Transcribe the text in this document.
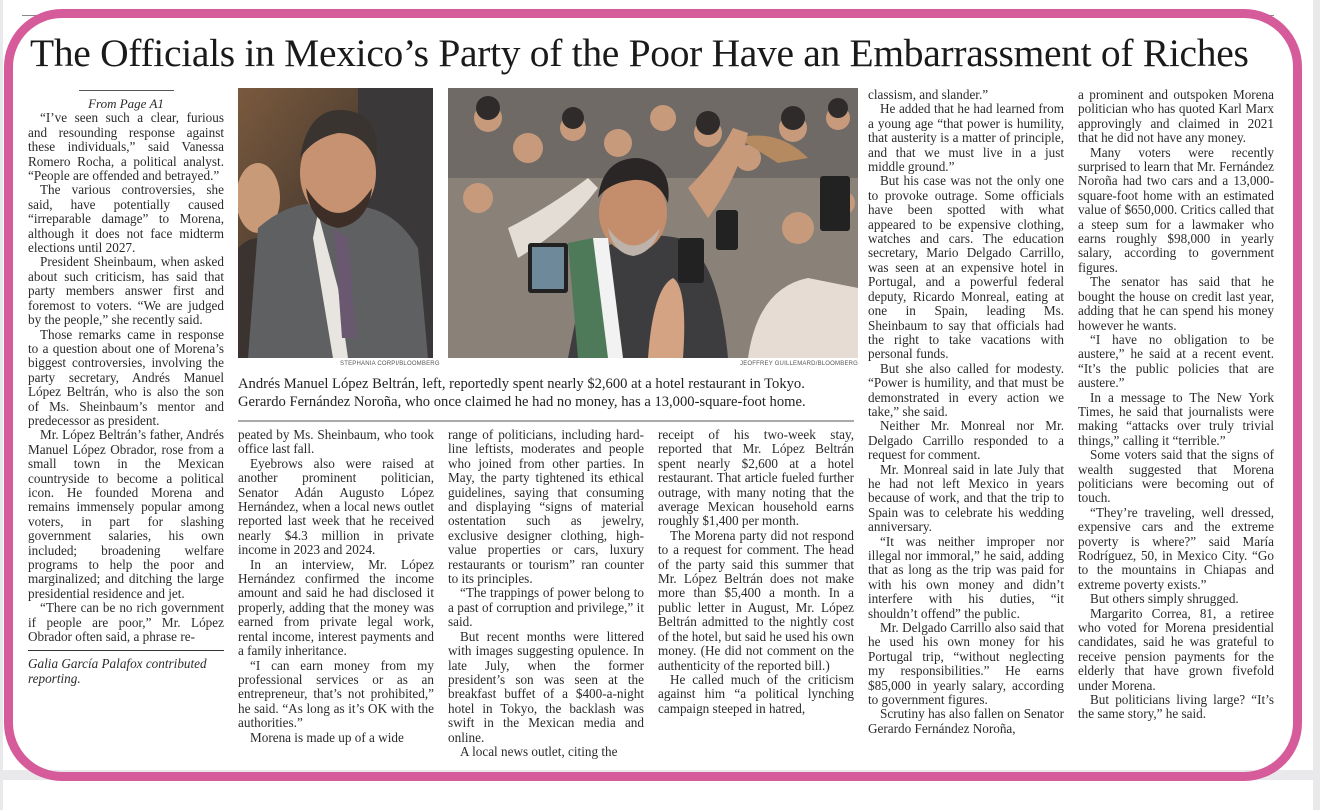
The Officials in Mexico’s Party of the Poor Have an Embarrassment of Riches

From Page A1

“I’ve seen such a clear, furious and resounding response against these individuals,” said Vanessa Romero Rocha, a political analyst. “People are offended and betrayed.”

The various controversies, she said, have potentially caused “irreparable damage” to Morena, although it does not face midterm elections until 2027.

President Sheinbaum, when asked about such criticism, has said that party members answer first and foremost to voters. “We are judged by the people,” she recently said.

Those remarks came in response to a question about one of Morena’s biggest controversies, involving the party secretary, Andrés Manuel López Beltrán, who is also the son of Ms. Sheinbaum’s mentor and predecessor as president.

Mr. López Beltrán’s father, Andrés Manuel López Obrador, rose from a small town in the Mexican countryside to become a political icon. He founded Morena and remains immensely popular among voters, in part for slashing government salaries, his own included; broadening welfare programs to help the poor and marginalized; and ditching the large presidential residence and jet.

“There can be no rich government if people are poor,” Mr. López Obrador often said, a phrase re-

Galia García Palafox contributed reporting.

STEPHANIA CORPI/BLOOMBERG	JEOFFREY GUILLEMARD/BLOOMBERG
Andrés Manuel López Beltrán, left, reportedly spent nearly $2,600 at a hotel restaurant in Tokyo.
Gerardo Fernández Noroña, who once claimed he had no money, has a 13,000-square-foot home.

peated by Ms. Sheinbaum, who took office last fall.

Eyebrows also were raised at another prominent politician, Senator Adán Augusto López Hernández, when a local news outlet reported last week that he received nearly $4.3 million in private income in 2023 and 2024.

In an interview, Mr. López Hernández confirmed the income amount and said he had disclosed it properly, adding that the money was earned from private legal work, rental income, interest payments and a family inheritance.

“I can earn money from my professional services or as an entrepreneur, that’s not prohibited,” he said. “As long as it’s OK with the authorities.”

Morena is made up of a wide

range of politicians, including hard-line leftists, moderates and people who joined from other parties. In May, the party tightened its ethical guidelines, saying that consuming and displaying “signs of material ostentation such as jewelry, exclusive designer clothing, high-value properties or cars, luxury restaurants or tourism” ran counter to its principles.

“The trappings of power belong to a past of corruption and privilege,” it said.

But recent months were littered with images suggesting opulence. In late July, when the former president’s son was seen at the breakfast buffet of a $400-a-night hotel in Tokyo, the backlash was swift in the Mexican media and online.

A local news outlet, citing the

receipt of his two-week stay, reported that Mr. López Beltrán spent nearly $2,600 at a hotel restaurant. That article fueled further outrage, with many noting that the average Mexican household earns roughly $1,400 per month.

The Morena party did not respond to a request for comment. The head of the party said this summer that Mr. López Beltrán does not make more than $5,400 a month. In a public letter in August, Mr. López Beltrán admitted to the nightly cost of the hotel, but said he used his own money. (He did not comment on the authenticity of the reported bill.)

He called much of the criticism against him “a political lynching campaign steeped in hatred,

classism, and slander.”

He added that he had learned from a young age “that power is humility, that austerity is a matter of principle, and that we must live in a just middle ground.”

But his case was not the only one to provoke outrage. Some officials have been spotted with what appeared to be expensive clothing, watches and cars. The education secretary, Mario Delgado Carrillo, was seen at an expensive hotel in Portugal, and a powerful federal deputy, Ricardo Monreal, eating at one in Spain, leading Ms. Sheinbaum to say that officials had the right to take vacations with personal funds.

But she also called for modesty. “Power is humility, and that must be demonstrated in every action we take,” she said.

Neither Mr. Monreal nor Mr. Delgado Carrillo responded to a request for comment.

Mr. Monreal said in late July that he had not left Mexico in years because of work, and that the trip to Spain was to celebrate his wedding anniversary.

“It was neither improper nor illegal nor immoral,” he said, adding that as long as the trip was paid for with his own money and didn’t interfere with his duties, “it shouldn’t offend” the public.

Mr. Delgado Carrillo also said that he used his own money for his Portugal trip, “without neglecting my responsibilities.” He earns $85,000 in yearly salary, according to government figures.

Scrutiny has also fallen on Senator Gerardo Fernández Noroña,

a prominent and outspoken Morena politician who has quoted Karl Marx approvingly and claimed in 2021 that he did not have any money.

Many voters were recently surprised to learn that Mr. Fernández Noroña had two cars and a 13,000-square-foot home with an estimated value of $650,000. Critics called that a steep sum for a lawmaker who earns roughly $98,000 in yearly salary, according to government figures.

The senator has said that he bought the house on credit last year, adding that he can spend his money however he wants.

“I have no obligation to be austere,” he said at a recent event. “It’s the public policies that are austere.”

In a message to The New York Times, he said that journalists were making “attacks over truly trivial things,” calling it “terrible.”

Some voters said that the signs of wealth suggested that Morena politicians were becoming out of touch.

“They’re traveling, well dressed, expensive cars and the extreme poverty is where?” said María Rodríguez, 50, in Mexico City. “Go to the mountains in Chiapas and extreme poverty exists.”

But others simply shrugged.

Margarito Correa, 81, a retiree who voted for Morena presidential candidates, said he was grateful to receive pension payments for the elderly that have grown fivefold under Morena.

But politicians living large? “It’s the same story,” he said.
